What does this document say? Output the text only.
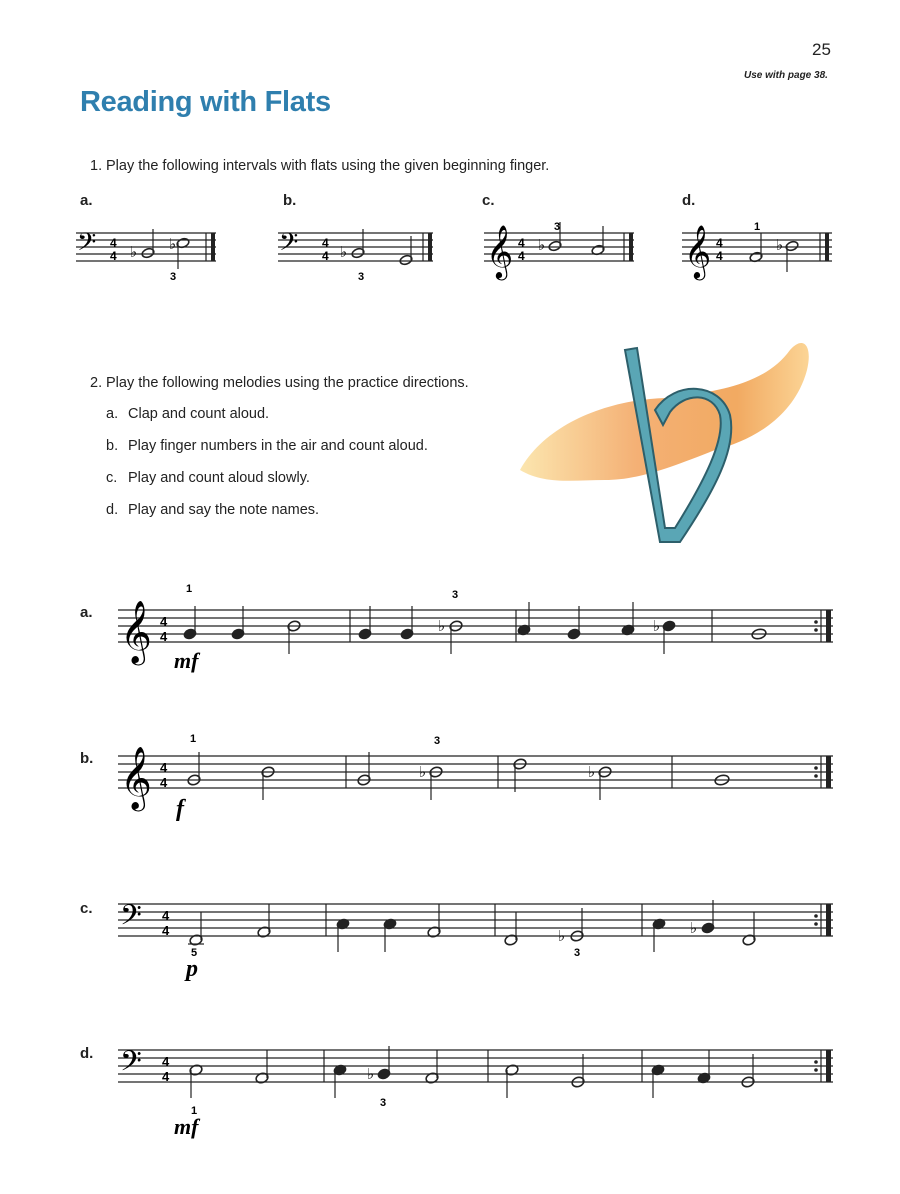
25
Use with page 38.
Reading with Flats
1. Play the following intervals with flats using the given beginning finger.
a.	b.	c.	d.
𝄢 4
4 ♭ ♭
3
𝄢 4
4 ♭
3	𝄞 4
4
♭
3	𝄞 4
4
♭
1
2. Play the following melodies using the practice directions.
a. Clap and count aloud.
b. Play finger numbers in the air and count aloud.
c. Play and count aloud slowly.
d. Play and say the note names.
a.
b.
c.
d.
𝄞 4
4
♭	♭
1	3
mf
𝄞 4
4
♭	♭
1	3
f
𝄢 4
4	♭	♭
5	3
p
𝄢 4
4	♭
1
3
mf
